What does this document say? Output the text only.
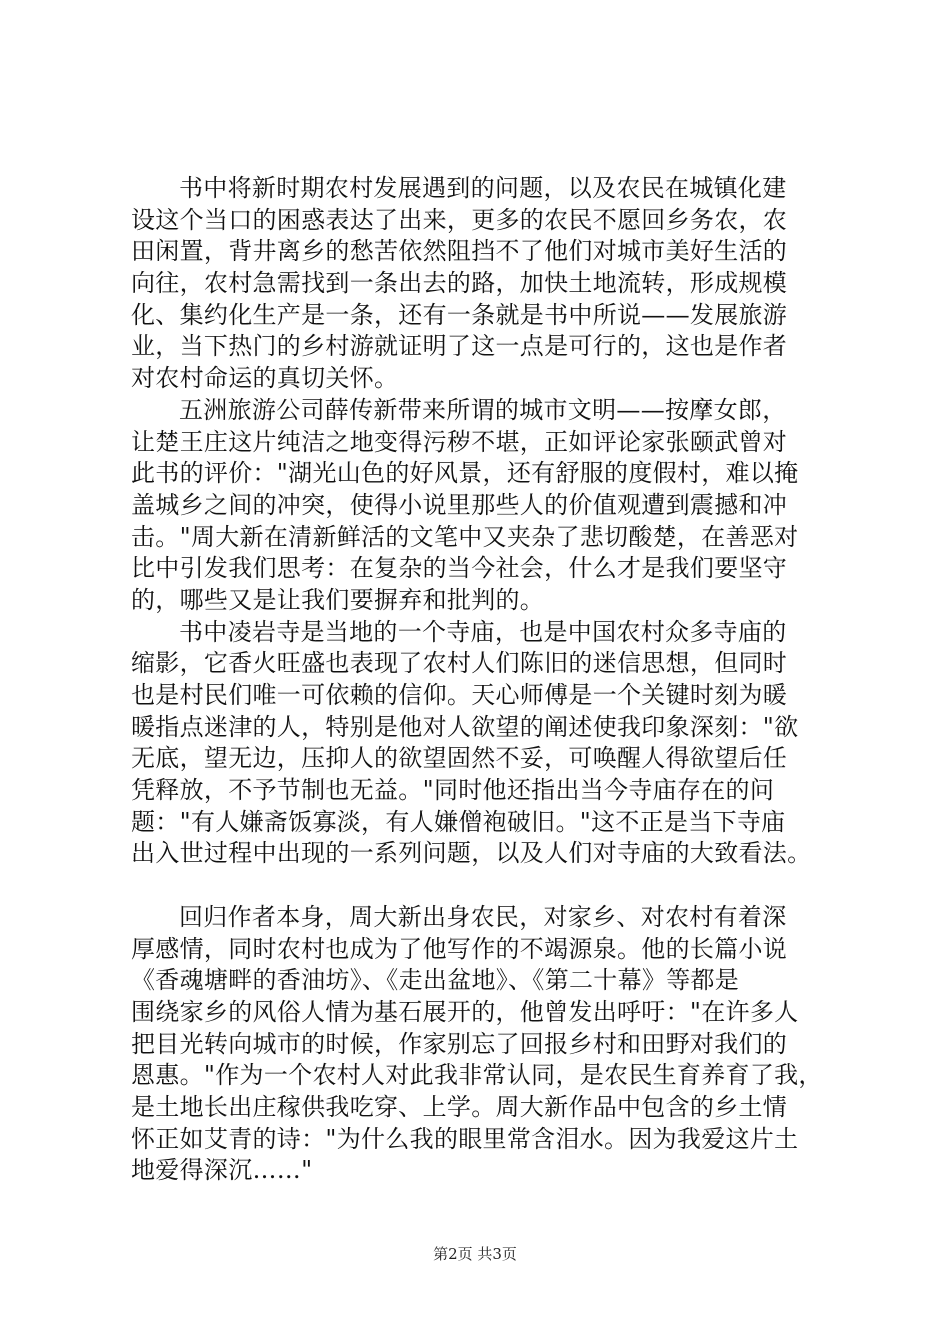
书中将新时期农村发展遇到的问题，以及农民在城镇化建
设这个当口的困惑表达了出来，更多的农民不愿回乡务农，农
田闲置，背井离乡的愁苦依然阻挡不了他们对城市美好生活的
向往，农村急需找到一条出去的路，加快土地流转，形成规模
化、集约化生产是一条，还有一条就是书中所说——发展旅游
业，当下热门的乡村游就证明了这一点是可行的，这也是作者
对农村命运的真切关怀。
五洲旅游公司薛传新带来所谓的城市文明——按摩女郎，
让楚王庄这片纯洁之地变得污秽不堪，正如评论家张颐武曾对
此书的评价："湖光山色的好风景，还有舒服的度假村，难以掩
盖城乡之间的冲突，使得小说里那些人的价值观遭到震撼和冲
击。"周大新在清新鲜活的文笔中又夹杂了悲切酸楚，在善恶对
比中引发我们思考：在复杂的当今社会，什么才是我们要坚守
的，哪些又是让我们要摒弃和批判的。
书中凌岩寺是当地的一个寺庙，也是中国农村众多寺庙的
缩影，它香火旺盛也表现了农村人们陈旧的迷信思想，但同时
也是村民们唯一可依赖的信仰。天心师傅是一个关键时刻为暖
暖指点迷津的人，特别是他对人欲望的阐述使我印象深刻："欲
无底，望无边，压抑人的欲望固然不妥，可唤醒人得欲望后任
凭释放，不予节制也无益。"同时他还指出当今寺庙存在的问
题："有人嫌斋饭寡淡，有人嫌僧袍破旧。"这不正是当下寺庙
出入世过程中出现的一系列问题，以及人们对寺庙的大致看法。
回归作者本身，周大新出身农民，对家乡、对农村有着深
厚感情，同时农村也成为了他写作的不竭源泉。他的长篇小说
《香魂塘畔的香油坊》、《走出盆地》、《第二十幕》等都是
围绕家乡的风俗人情为基石展开的，他曾发出呼吁："在许多人
把目光转向城市的时候，作家别忘了回报乡村和田野对我们的
恩惠。"作为一个农村人对此我非常认同，是农民生育养育了我，
是土地长出庄稼供我吃穿、上学。周大新作品中包含的乡土情
怀正如艾青的诗："为什么我的眼里常含泪水。因为我爱这片土
地爱得深沉……"
第2页 共3页
